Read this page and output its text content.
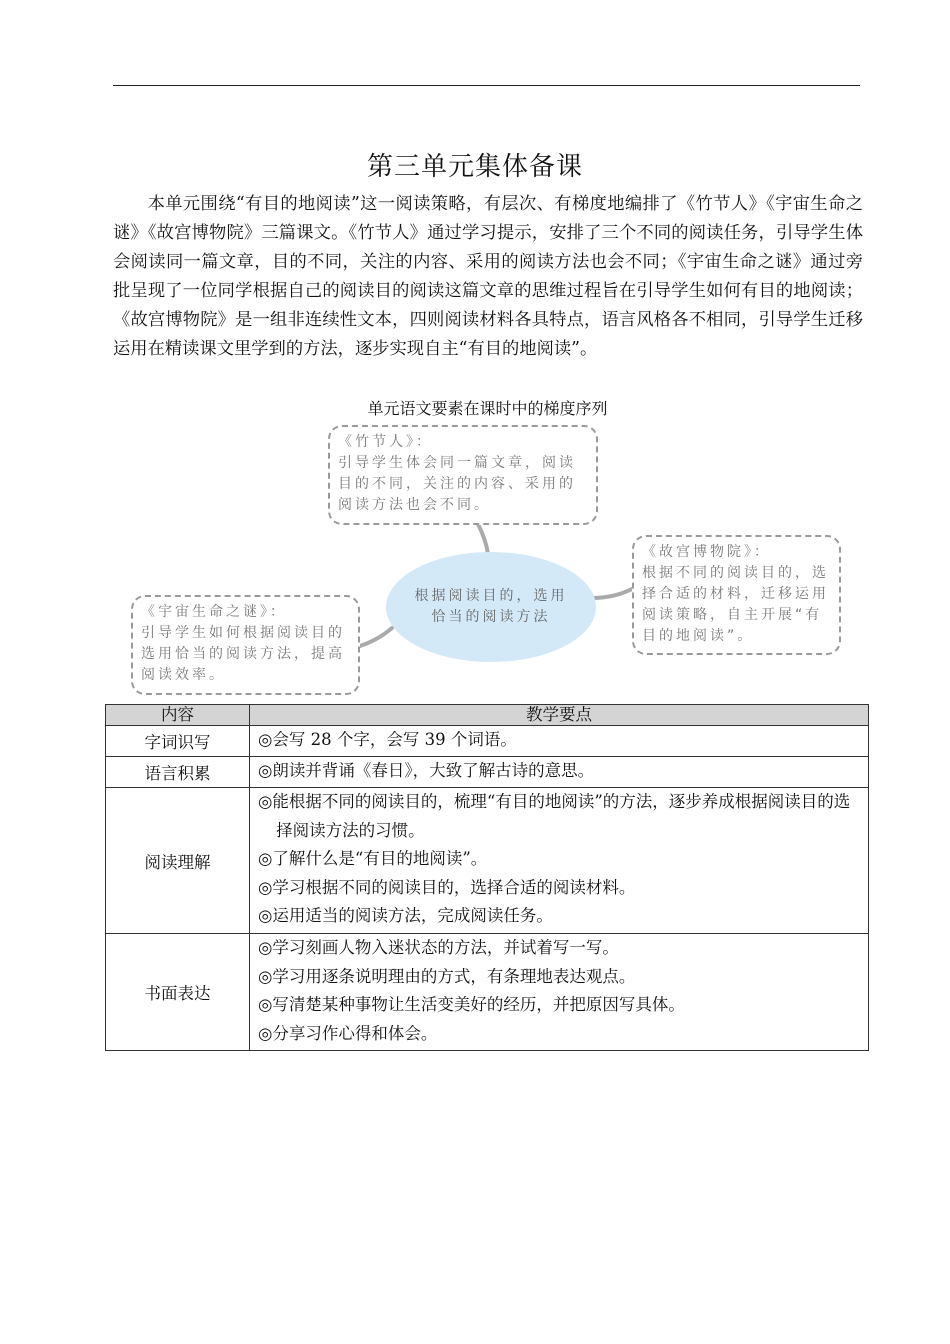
第三单元集体备课
本单元围绕“有目的地阅读”这一阅读策略，有层次、有梯度地编排了《竹节人》《宇宙生命之谜》《故宫博物院》三篇课文。《竹节人》通过学习提示，安排了三个不同的阅读任务，引导学生体会阅读同一篇文章，目的不同，关注的内容、采用的阅读方法也会不同；《宇宙生命之谜》通过旁批呈现了一位同学根据自己的阅读目的阅读这篇文章的思维过程旨在引导学生如何有目的地阅读；《故宫博物院》是一组非连续性文本，四则阅读材料各具特点，语言风格各不相同，引导学生迁移运用在精读课文里学到的方法，逐步实现自主“有目的地阅读”。
单元语文要素在课时中的梯度序列
《竹节人》：
引导学生体会同一篇文章，阅读目的不同，关注的内容、采用的阅读方法也会不同。
《故宫博物院》：
根据不同的阅读目的，选择合适的材料，迁移运用阅读策略，自主开展“有目的地阅读”。
《宇宙生命之谜》：
引导学生如何根据阅读目的选用恰当的阅读方法，提高阅读效率。
根据阅读目的，选用恰当的阅读方法
内容	教学要点
字词识写	◎会写 28 个字，会写 39 个词语。

语言积累	◎朗读并背诵《春日》，大致了解古诗的意思。

阅读理解	◎能根据不同的阅读目的，梳理“有目的地阅读”的方法，逐步养成根据阅读目的选择阅读方法的习惯。
◎了解什么是“有目的地阅读”。
◎学习根据不同的阅读目的，选择合适的阅读材料。
◎运用适当的阅读方法，完成阅读任务。

书面表达	◎学习刻画人物入迷状态的方法，并试着写一写。
◎学习用逐条说明理由的方式，有条理地表达观点。
◎写清楚某种事物让生活变美好的经历，并把原因写具体。
◎分享习作心得和体会。
